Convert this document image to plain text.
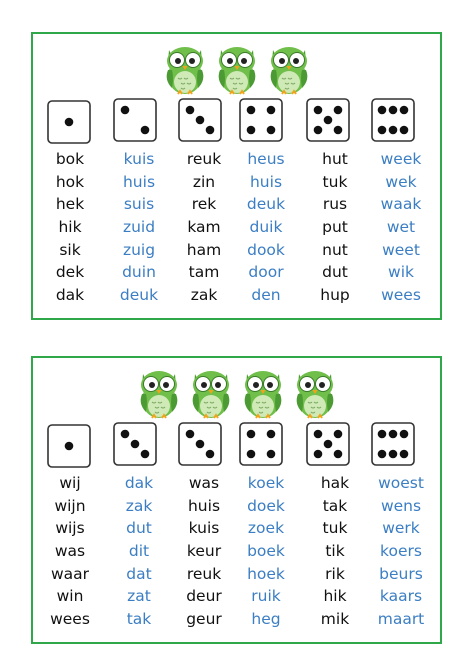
bok
hok
hek
hik
sik
dek
dak
kuis
huis
suis
zuid
zuig
duin
deuk
reuk
zin
rek
kam
ham
tam
zak
heus
huis
deuk
duik
dook
door
den
hut
tuk
rus
put
nut
dut
hup
week
wek
waak
wet
weet
wik
wees
wij
wijn
wijs
was
waar
win
wees
dak
zak
dut
dit
dat
zat
tak
was
huis
kuis
keur
reuk
deur
geur
koek
doek
zoek
boek
hoek
ruik
heg
hak
tak
tuk
tik
rik
hik
mik
woest
wens
werk
koers
beurs
kaars
maart
